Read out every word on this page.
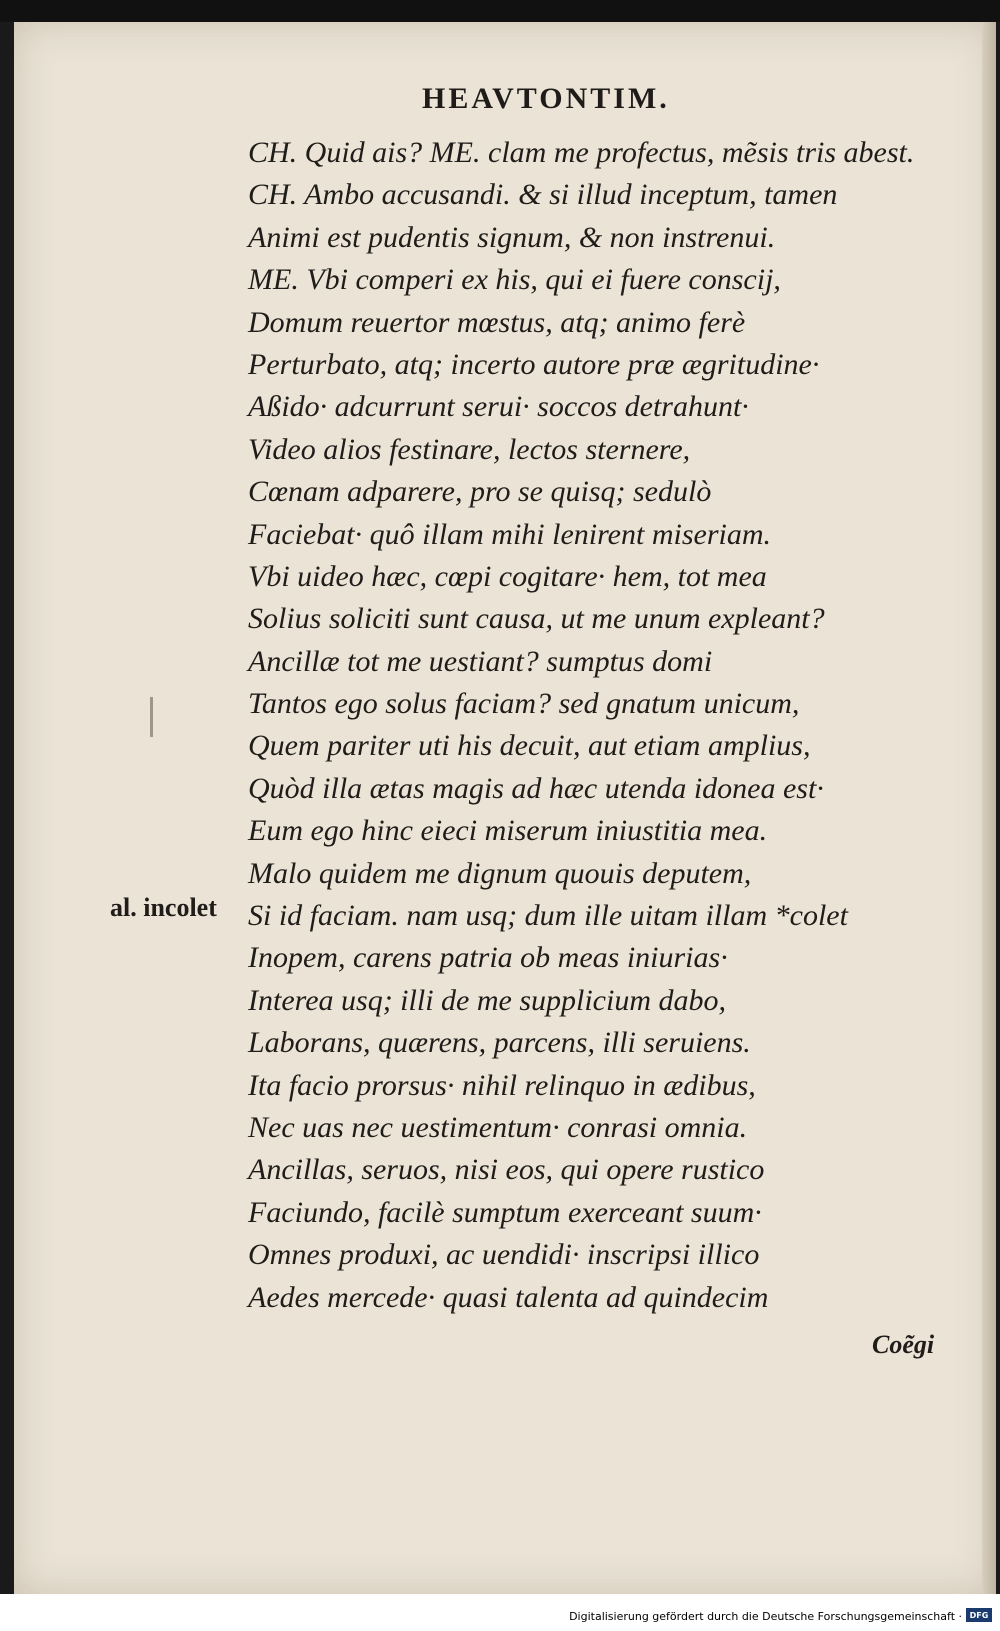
HEAVTONTIM.
CH. Quid ais? ME. clam me profectus, mẽsis tris abest.
CH. Ambo accusandi. & si illud inceptum, tamen
Animi est pudentis signum, & non instrenui.
ME. Vbi comperi ex his, qui ei fuere conscij,
Domum reuertor mœstus, atq; animo ferè
Perturbato, atq; incerto autore præ ægritudine·
Aßido· adcurrunt serui· soccos detrahunt·
Video alios festinare, lectos sternere,
Cœnam adparere, pro se quisq; sedulò
Faciebat· quô illam mihi lenirent miseriam.
Vbi uideo hæc, cœpi cogitare· hem, tot mea
Solius soliciti sunt causa, ut me unum expleant?
Ancillæ tot me uestiant? sumptus domi
Tantos ego solus faciam? sed gnatum unicum,
Quem pariter uti his decuit, aut etiam amplius,
Quòd illa ætas magis ad hæc utenda idonea est·
Eum ego hinc eieci miserum iniustitia mea.
Malo quidem me dignum quouis deputem,
Si id faciam. nam usq; dum ille uitam illam *colet
Inopem, carens patria ob meas iniurias·
Interea usq; illi de me supplicium dabo,
Laborans, quærens, parcens, illi seruiens.
Ita facio prorsus· nihil relinquo in ædibus,
Nec uas nec uestimentum· conrasi omnia.
Ancillas, seruos, nisi eos, qui opere rustico
Faciundo, facilè sumptum exerceant suum·
Omnes produxi, ac uendidi· inscripsi illico
Aedes mercede· quasi talenta ad quindecim
al. incolet
Coẽgi
Digitalisierung gefördert durch die Deutsche Forschungsgemeinschaft · DFG
